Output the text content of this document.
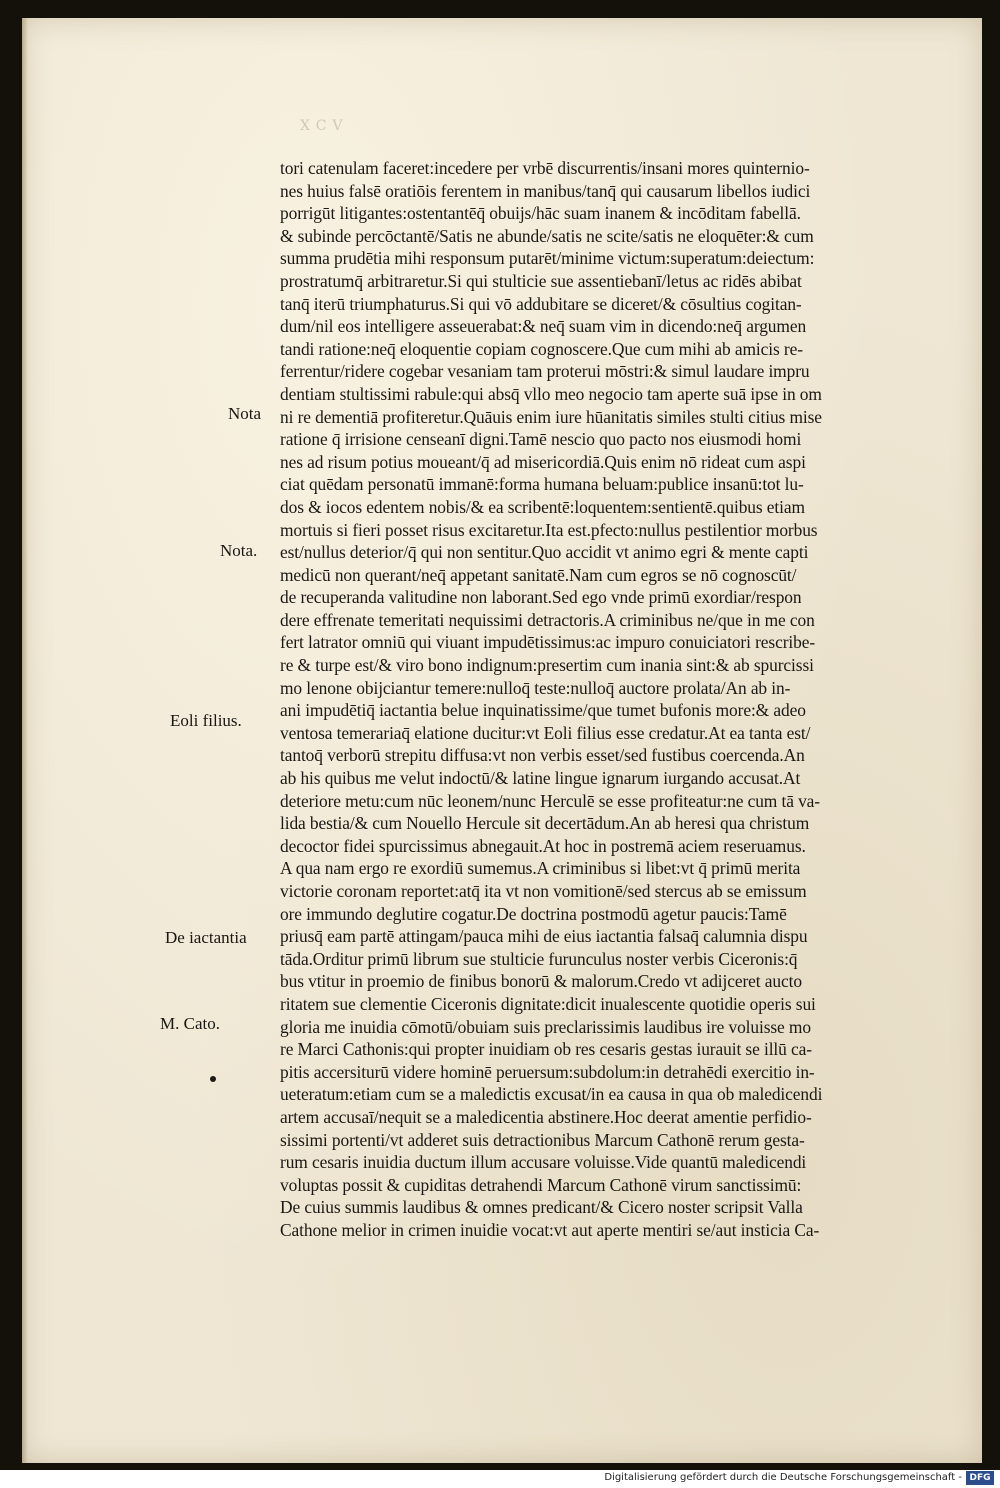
XCV
Nota
Nota.
Eoli filius.
De iactantia
M. Cato.
tori catenulam faceret:incedere per vrbē discurrentis/insani mores quinternio-
nes huius falsē oratiōis ferentem in manibus/tanq̄ qui causarum libellos iudici
porrigūt litigantes:ostentantēq̄ obuijs/hāc suam inanem & incōditam fabellā.
& subinde percōctantē/Satis ne abunde/satis ne scite/satis ne eloquēter:& cum
summa prudētia mihi responsum putarēt/minime victum:superatum:deiectum:
prostratumq̄ arbitraretur.Si qui stulticie sue assentiebanī/letus ac ridēs abibat
tanq̄ iterū triumphaturus.Si qui vō addubitare se diceret/& cōsultius cogitan-
dum/nil eos intelligere asseuerabat:& neq̄ suam vim in dicendo:neq̄ argumen
tandi ratione:neq̄ eloquentie copiam cognoscere.Que cum mihi ab amicis re-
ferrentur/ridere cogebar vesaniam tam proterui mōstri:& simul laudare impru
dentiam stultissimi rabule:qui absq̄ vllo meo negocio tam aperte suā ipse in om
ni re dementiā profiteretur.Quāuis enim iure hūanitatis similes stulti citius mise
ratione q̄ irrisione censeanī digni.Tamē nescio quo pacto nos eiusmodi homi
nes ad risum potius moueant/q̄ ad misericordiā.Quis enim nō rideat cum aspi
ciat quēdam personatū immanē:forma humana beluam:publice insanū:tot lu-
dos & iocos edentem nobis/& ea scribentē:loquentem:sentientē.quibus etiam
mortuis si fieri posset risus excitaretur.Ita est.pfecto:nullus pestilentior morbus
est/nullus deterior/q̄ qui non sentitur.Quo accidit vt animo egri & mente capti
medicū non querant/neq̄ appetant sanitatē.Nam cum egros se nō cognoscūt/
de recuperanda valitudine non laborant.Sed ego vnde primū exordiar/respon
dere effrenate temeritati nequissimi detractoris.A criminibus ne/que in me con
fert latrator omniū qui viuant impudētissimus:ac impuro conuiciatori rescribe-
re & turpe est/& viro bono indignum:presertim cum inania sint:& ab spurcissi
mo lenone obijciantur temere:nulloq̄ teste:nulloq̄ auctore prolata/An ab in-
ani impudētiq̄ iactantia belue inquinatissime/que tumet bufonis more:& adeo
ventosa temerariaq̄ elatione ducitur:vt Eoli filius esse credatur.At ea tanta est/
tantoq̄ verborū strepitu diffusa:vt non verbis esset/sed fustibus coercenda.An
ab his quibus me velut indoctū/& latine lingue ignarum iurgando accusat.At
deteriore metu:cum nūc leonem/nunc Herculē se esse profiteatur:ne cum tā va-
lida bestia/& cum Nouello Hercule sit decertādum.An ab heresi qua christum
decoctor fidei spurcissimus abnegauit.At hoc in postremā aciem reseruamus.
A qua nam ergo re exordiū sumemus.A criminibus si libet:vt q̄ primū merita
victorie coronam reportet:atq̄ ita vt non vomitionē/sed stercus ab se emissum
ore immundo deglutire cogatur.De doctrina postmodū agetur paucis:Tamē
priusq̄ eam partē attingam/pauca mihi de eius iactantia falsaq̄ calumnia dispu
tāda.Orditur primū librum sue stulticie furunculus noster verbis Ciceronis:q̄
bus vtitur in proemio de finibus bonorū & malorum.Credo vt adijceret aucto
ritatem sue clementie Ciceronis dignitate:dicit inualescente quotidie operis sui
gloria me inuidia cōmotū/obuiam suis preclarissimis laudibus ire voluisse mo
re Marci Cathonis:qui propter inuidiam ob res cesaris gestas iurauit se illū ca-
pitis accersiturū videre hominē peruersum:subdolum:in detrahēdi exercitio in-
ueteratum:etiam cum se a maledictis excusat/in ea causa in qua ob maledicendi
artem accusaī/nequit se a maledicentia abstinere.Hoc deerat amentie perfidio-
sissimi portenti/vt adderet suis detractionibus Marcum Cathonē rerum gesta-
rum cesaris inuidia ductum illum accusare voluisse.Vide quantū maledicendi
voluptas possit & cupiditas detrahendi Marcum Cathonē virum sanctissimū:
De cuius summis laudibus & omnes predicant/& Cicero noster scripsit Valla
Cathone melior in crimen inuidie vocat:vt aut aperte mentiri se/aut insticia Ca-
Digitalisierung gefördert durch die Deutsche Forschungsgemeinschaft - DFG
